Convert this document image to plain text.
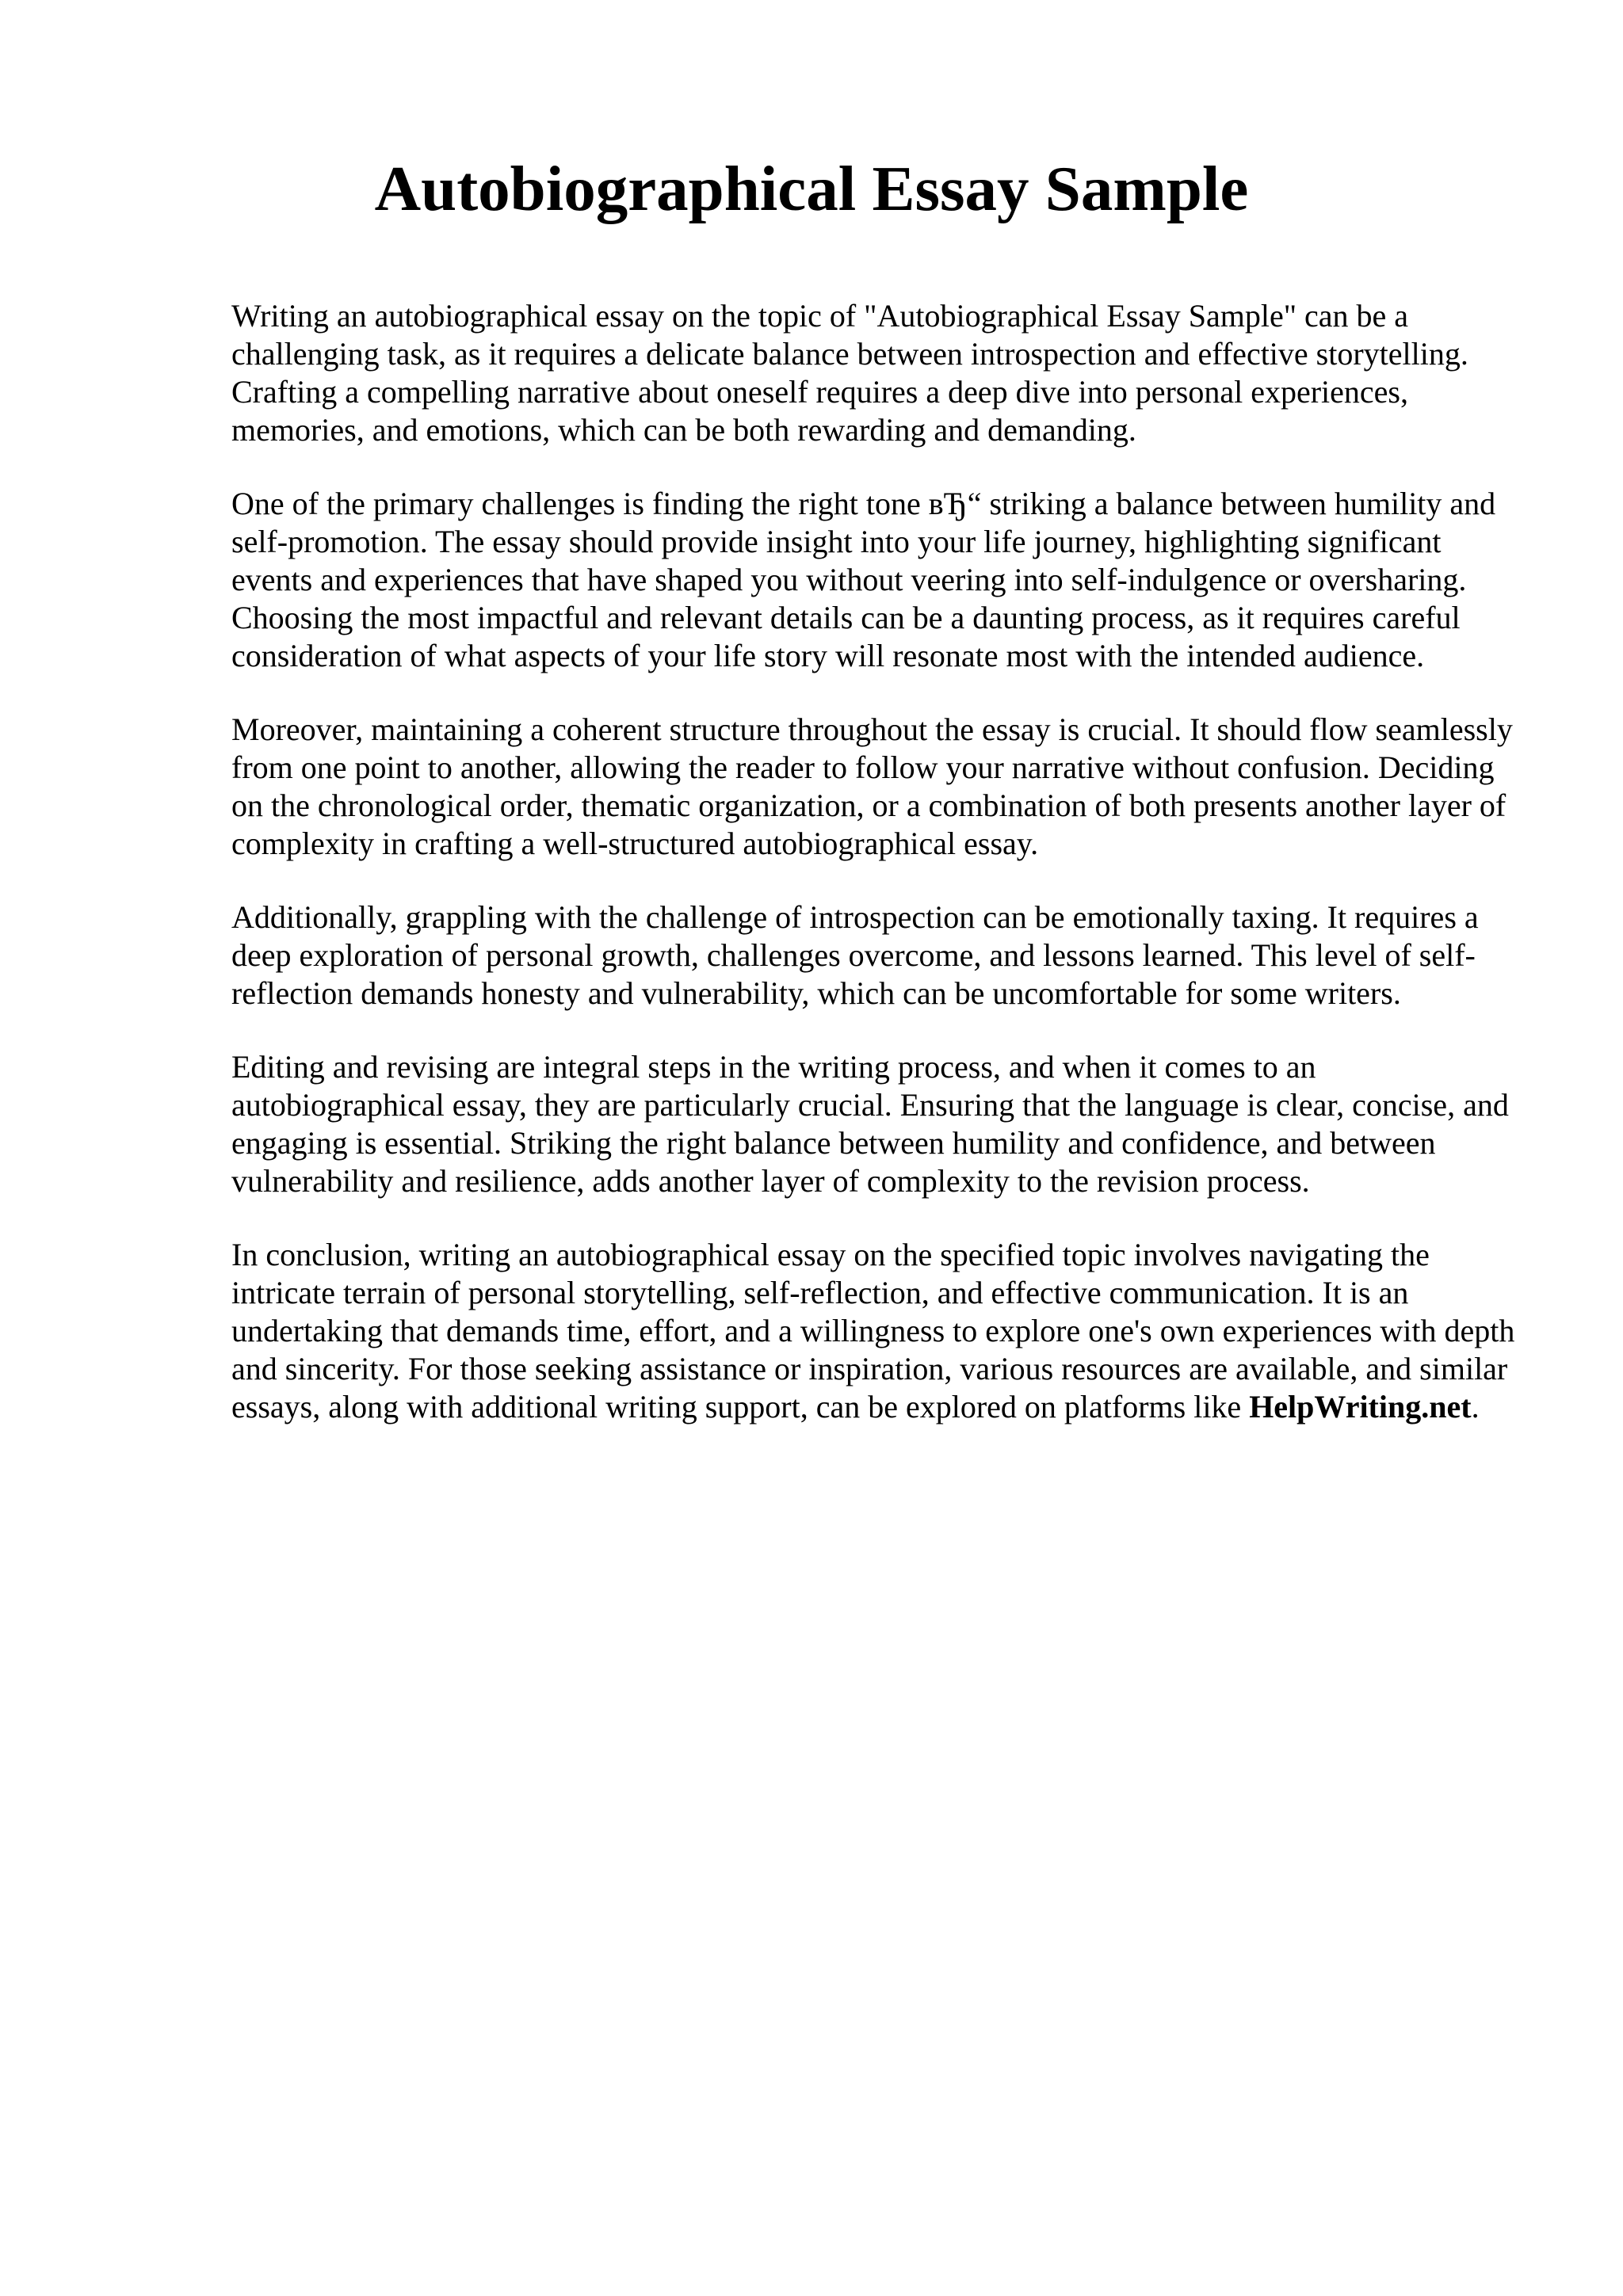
Autobiographical Essay Sample

Writing an autobiographical essay on the topic of "Autobiographical Essay Sample" can be a challenging task, as it requires a delicate balance between introspection and effective storytelling. Crafting a compelling narrative about oneself requires a deep dive into personal experiences, memories, and emotions, which can be both rewarding and demanding.

One of the primary challenges is finding the right tone вЂ“ striking a balance between humility and self-promotion. The essay should provide insight into your life journey, highlighting significant events and experiences that have shaped you without veering into self-indulgence or oversharing. Choosing the most impactful and relevant details can be a daunting process, as it requires careful consideration of what aspects of your life story will resonate most with the intended audience.

Moreover, maintaining a coherent structure throughout the essay is crucial. It should flow seamlessly from one point to another, allowing the reader to follow your narrative without confusion. Deciding on the chronological order, thematic organization, or a combination of both presents another layer of complexity in crafting a well-structured autobiographical essay.

Additionally, grappling with the challenge of introspection can be emotionally taxing. It requires a deep exploration of personal growth, challenges overcome, and lessons learned. This level of self-reflection demands honesty and vulnerability, which can be uncomfortable for some writers.

Editing and revising are integral steps in the writing process, and when it comes to an autobiographical essay, they are particularly crucial. Ensuring that the language is clear, concise, and engaging is essential. Striking the right balance between humility and confidence, and between vulnerability and resilience, adds another layer of complexity to the revision process.

In conclusion, writing an autobiographical essay on the specified topic involves navigating the intricate terrain of personal storytelling, self-reflection, and effective communication. It is an undertaking that demands time, effort, and a willingness to explore one's own experiences with depth and sincerity. For those seeking assistance or inspiration, various resources are available, and similar essays, along with additional writing support, can be explored on platforms like HelpWriting.net.
